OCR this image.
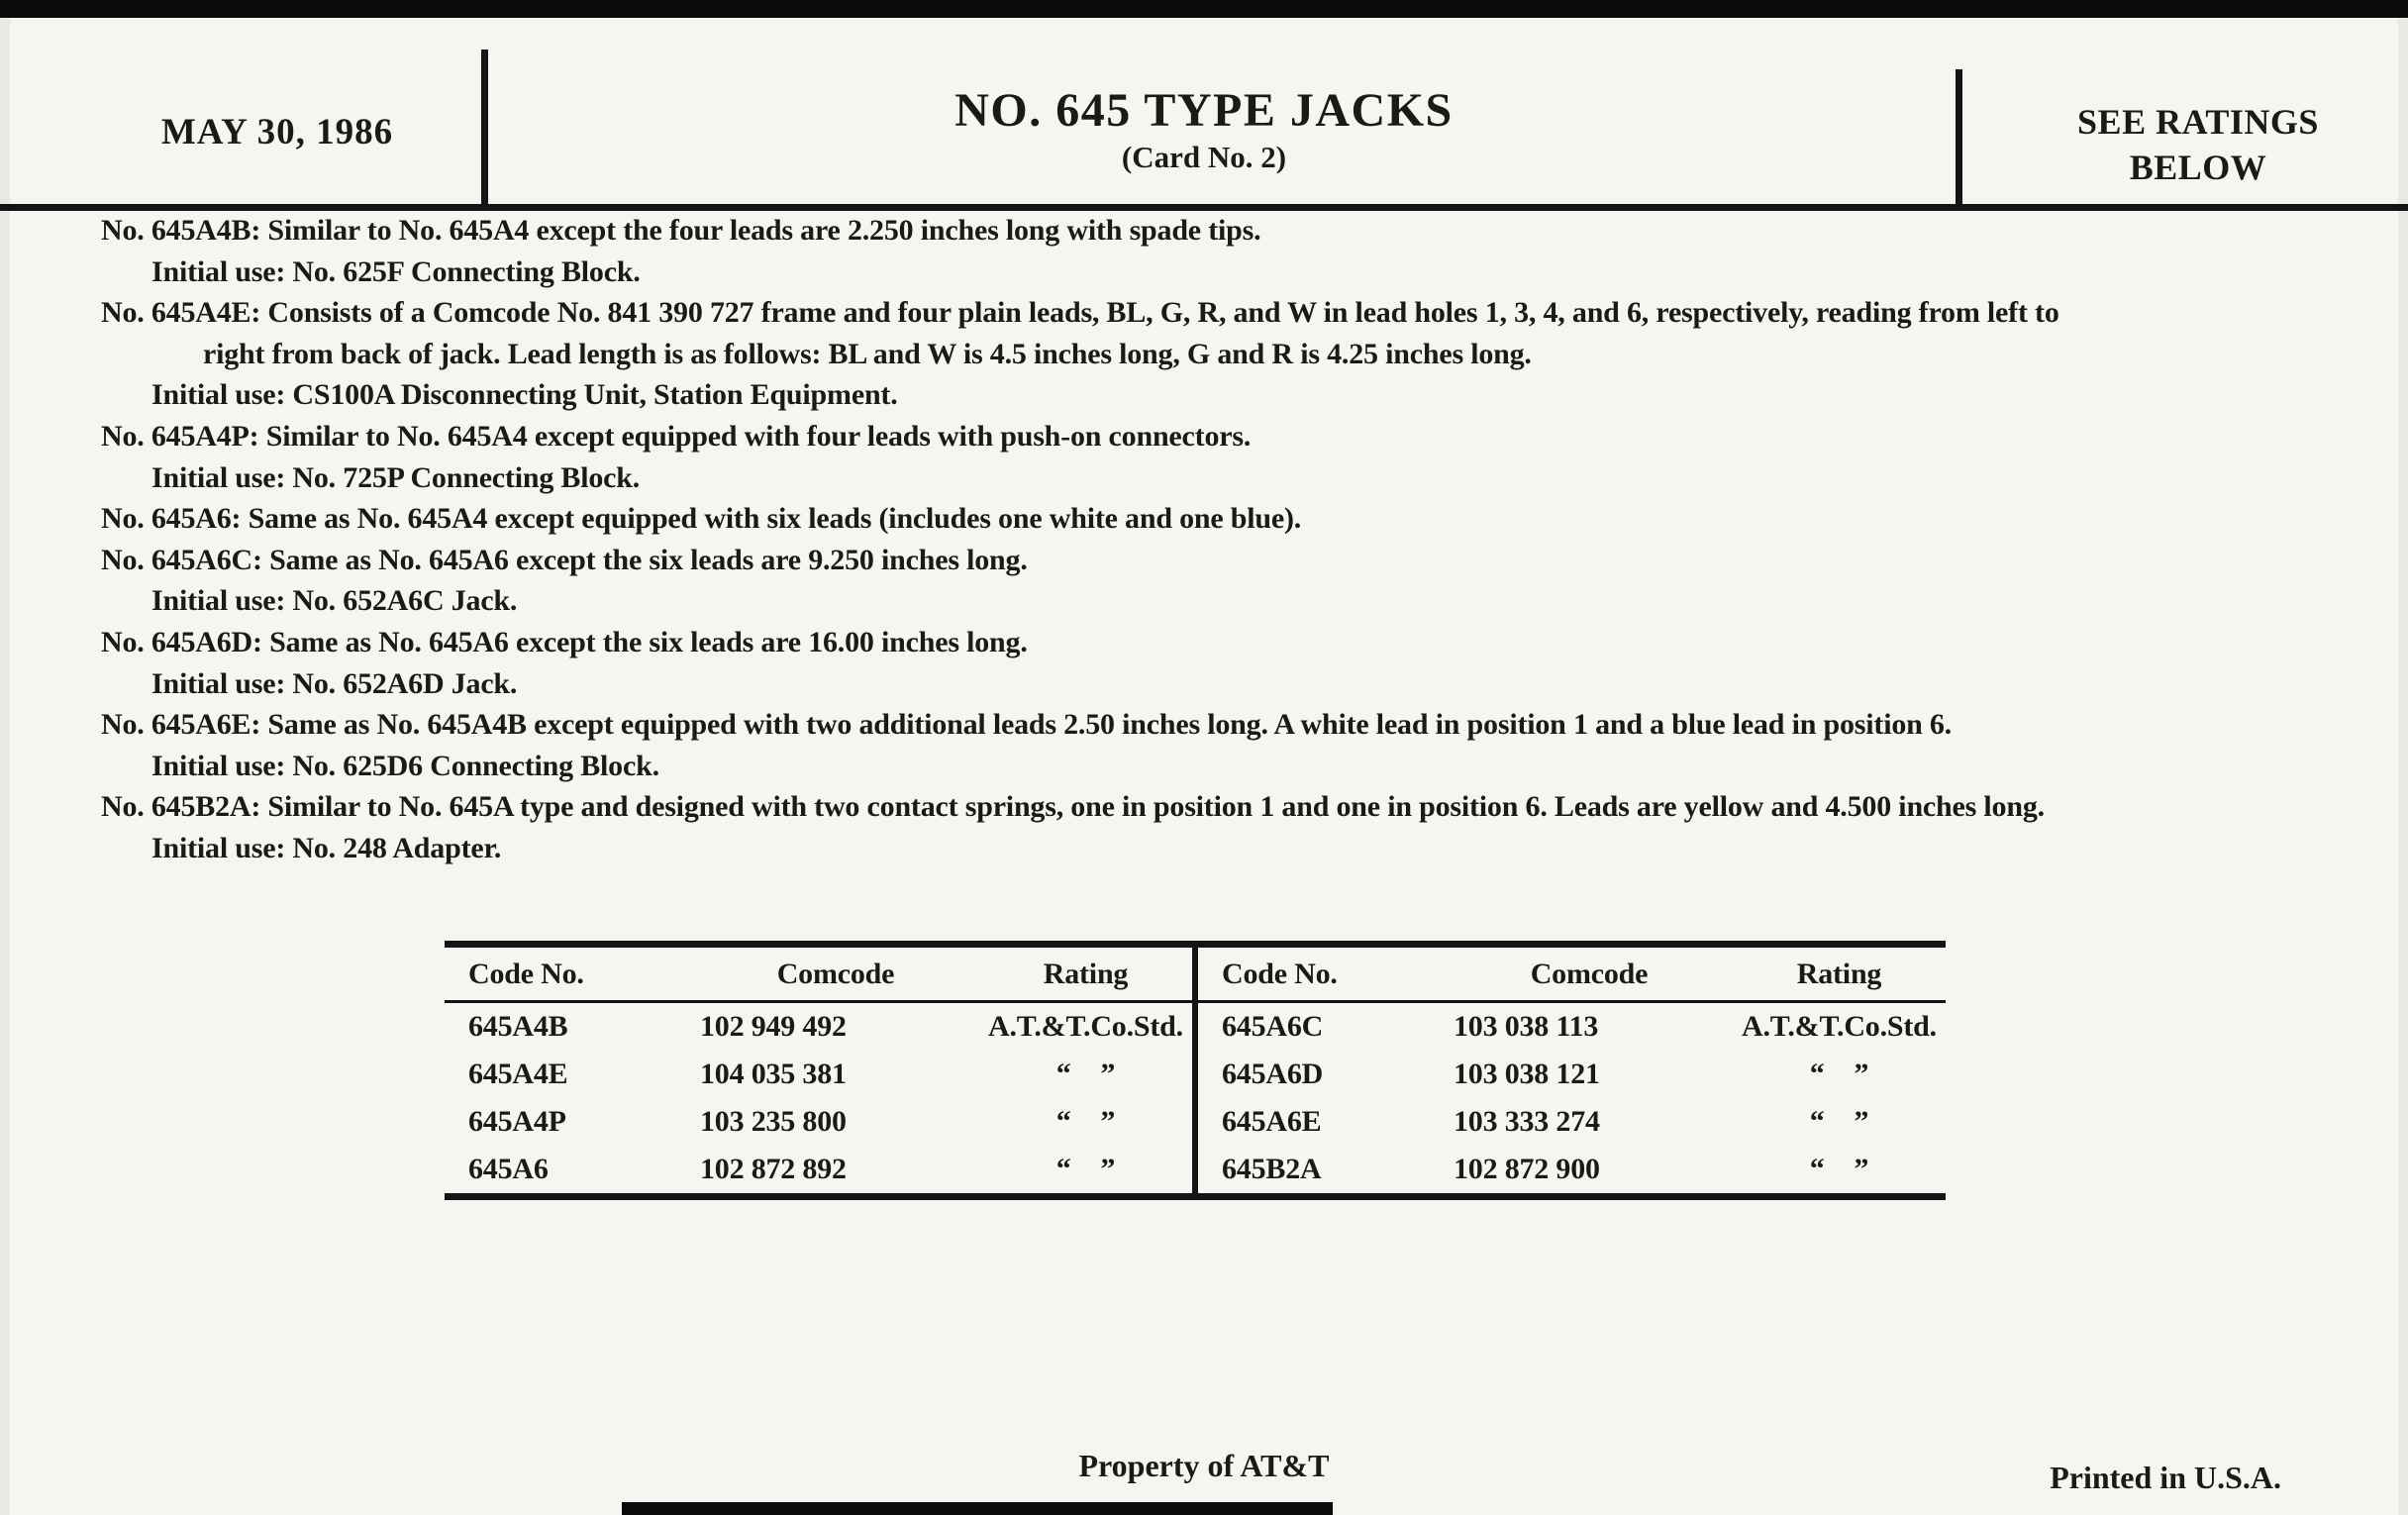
MAY 30, 1986	NO. 645 TYPE JACKS
(Card No. 2)
SEE RATINGS
BELOW
No. 645A4B: Similar to No. 645A4 except the four leads are 2.250 inches long with spade tips.
Initial use: No. 625F Connecting Block.
No. 645A4E: Consists of a Comcode No. 841 390 727 frame and four plain leads, BL, G, R, and W in lead holes 1, 3, 4, and 6, respectively, reading from left to
right from back of jack. Lead length is as follows: BL and W is 4.5 inches long, G and R is 4.25 inches long.
Initial use: CS100A Disconnecting Unit, Station Equipment.
No. 645A4P: Similar to No. 645A4 except equipped with four leads with push-on connectors.
Initial use: No. 725P Connecting Block.
No. 645A6: Same as No. 645A4 except equipped with six leads (includes one white and one blue).
No. 645A6C: Same as No. 645A6 except the six leads are 9.250 inches long.
Initial use: No. 652A6C Jack.
No. 645A6D: Same as No. 645A6 except the six leads are 16.00 inches long.
Initial use: No. 652A6D Jack.
No. 645A6E: Same as No. 645A4B except equipped with two additional leads 2.50 inches long. A white lead in position 1 and a blue lead in position 6.
Initial use: No. 625D6 Connecting Block.
No. 645B2A: Similar to No. 645A type and designed with two contact springs, one in position 1 and one in position 6. Leads are yellow and 4.500 inches long.
Initial use: No. 248 Adapter.
Code No.	Comcode	Rating
645A4B	102 949 492	A.T.&T.Co.Std.
645A4E	104 035 381	“ ”
645A4P	103 235 800	“ ”
645A6	102 872 892	“ ”
Code No.	Comcode	Rating
645A6C	103 038 113	A.T.&T.Co.Std.
645A6D	103 038 121	“ ”
645A6E	103 333 274	“ ”
645B2A	102 872 900	“ ”
Property of AT&T	Printed in U.S.A.
